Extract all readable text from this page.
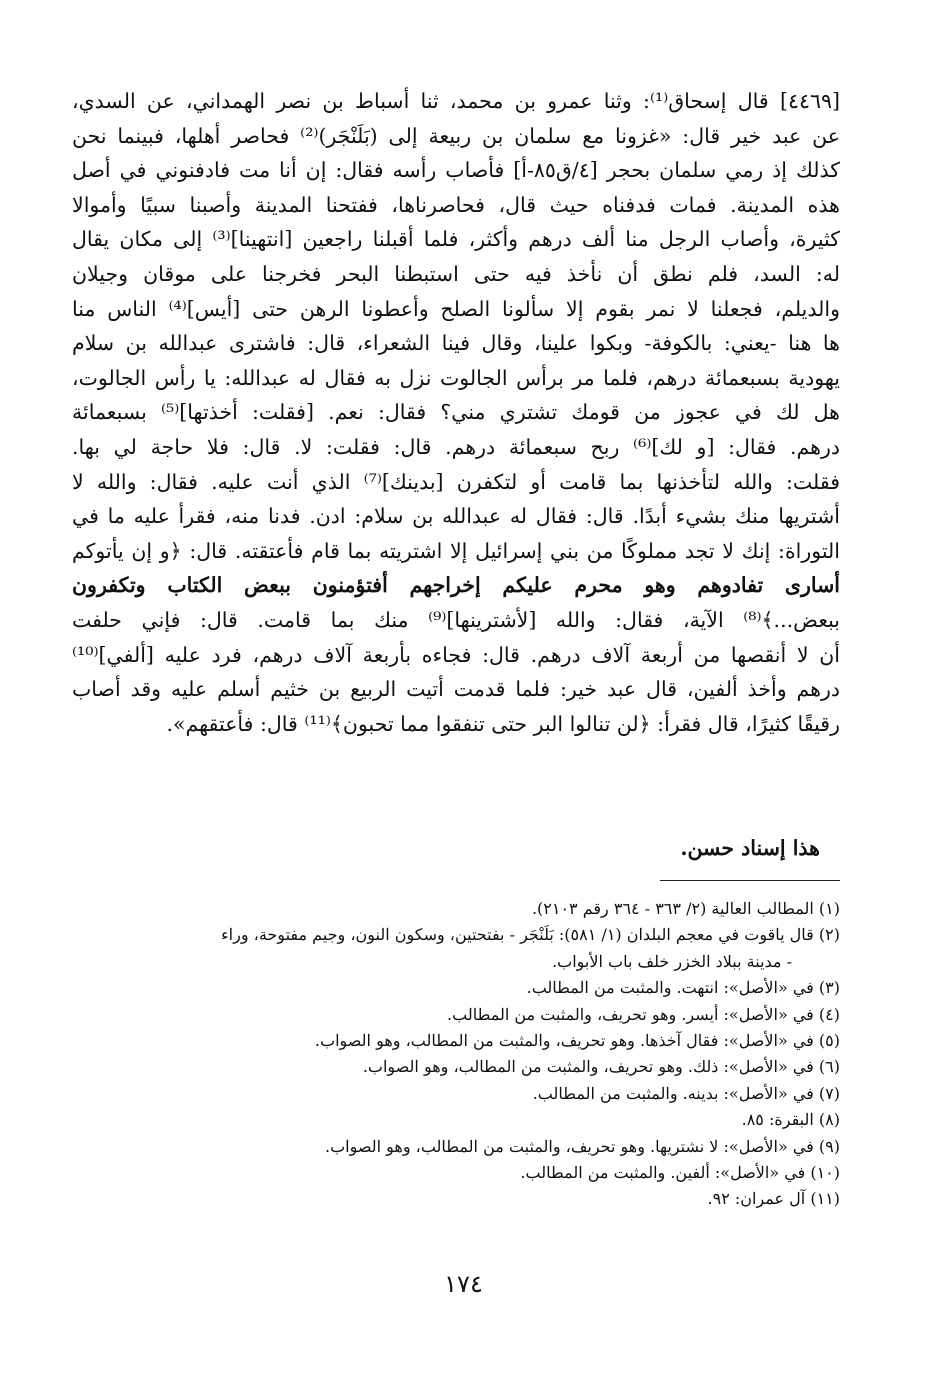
[٤٤٦٩] قال إسحاق⁽¹⁾: وثنا عمرو بن محمد، ثنا أسباط بن نصر الهمداني، عن السدي،
عن عبد خير قال: «غزونا مع سلمان بن ربيعة إلى (بَلَنْجَر)⁽²⁾ فحاصر أهلها، فبينما نحن
كذلك إذ رمي سلمان بحجر [٤/ق٨٥-أ] فأصاب رأسه فقال: إن أنا مت فادفنوني في أصل
هذه المدينة. فمات فدفناه حيث قال، فحاصرناها، ففتحنا المدينة وأصبنا سبيًا وأموالا
كثيرة، وأصاب الرجل منا ألف درهم وأكثر، فلما أقبلنا راجعين [انتهينا]⁽³⁾ إلى مكان يقال
له: السد، فلم نطق أن نأخذ فيه حتى استبطنا البحر فخرجنا على موقان وجيلان
والديلم، فجعلنا لا نمر بقوم إلا سألونا الصلح وأعطونا الرهن حتى [أيس]⁽⁴⁾ الناس منا
ها هنا -يعني: بالكوفة- وبكوا علينا، وقال فينا الشعراء، قال: فاشترى عبدالله بن سلام
يهودية بسبعمائة درهم، فلما مر برأس الجالوت نزل به فقال له عبدالله: يا رأس الجالوت،
هل لك في عجوز من قومك تشتري مني؟ فقال: نعم. [فقلت: أخذتها]⁽⁵⁾ بسبعمائة
درهم. فقال: [و لك]⁽⁶⁾ ربح سبعمائة درهم. قال: فقلت: لا. قال: فلا حاجة لي بها.
فقلت: والله لتأخذنها بما قامت أو لتكفرن [بدينك]⁽⁷⁾ الذي أنت عليه. فقال: والله لا
أشتريها منك بشيء أبدًا. قال: فقال له عبدالله بن سلام: ادن. فدنا منه، فقرأ عليه ما في
التوراة: إنك لا تجد مملوكًا من بني إسرائيل إلا اشتريته بما قام فأعتقته. قال: ﴿و إن يأتوكم
أسارى تفادوهم وهو محرم عليكم إخراجهم أفتؤمنون ببعض الكتاب وتكفرون
ببعض...﴾⁽⁸⁾ الآية، فقال: والله [لأشترينها]⁽⁹⁾ منك بما قامت. قال: فإني حلفت
أن لا أنقصها من أربعة آلاف درهم. قال: فجاءه بأربعة آلاف درهم، فرد عليه [ألفي]⁽¹⁰⁾
درهم وأخذ ألفين، قال عبد خير: فلما قدمت أتيت الربيع بن خثيم أسلم عليه وقد أصاب
رقيقًا كثيرًا، قال فقرأ: ﴿لن تنالوا البر حتى تنفقوا مما تحبون﴾⁽¹¹⁾ قال: فأعتقهم».
هذا إسناد حسن.
(١) المطالب العالية (٢/ ٣٦٣ - ٣٦٤ رقم ٢١٠٣).
(٢) قال ياقوت في معجم البلدان (١/ ٥٨١): بَلَنْجَر - بفتحتين، وسكون النون، وجيم مفتوحة، وراء
- مدينة ببلاد الخزر خلف باب الأبواب.
(٣) في «الأصل»: انتهت. والمثبت من المطالب.
(٤) في «الأصل»: أيسر. وهو تحريف، والمثبت من المطالب.
(٥) في «الأصل»: فقال آخذها. وهو تحريف، والمثبت من المطالب، وهو الصواب.
(٦) في «الأصل»: ذلك. وهو تحريف، والمثبت من المطالب، وهو الصواب.
(٧) في «الأصل»: بدينه. والمثبت من المطالب.
(٨) البقرة: ٨٥.
(٩) في «الأصل»: لا نشتريها. وهو تحريف، والمثبت من المطالب، وهو الصواب.
(١٠) في «الأصل»: ألفين. والمثبت من المطالب.
(١١) آل عمران: ٩٢.
١٧٤
